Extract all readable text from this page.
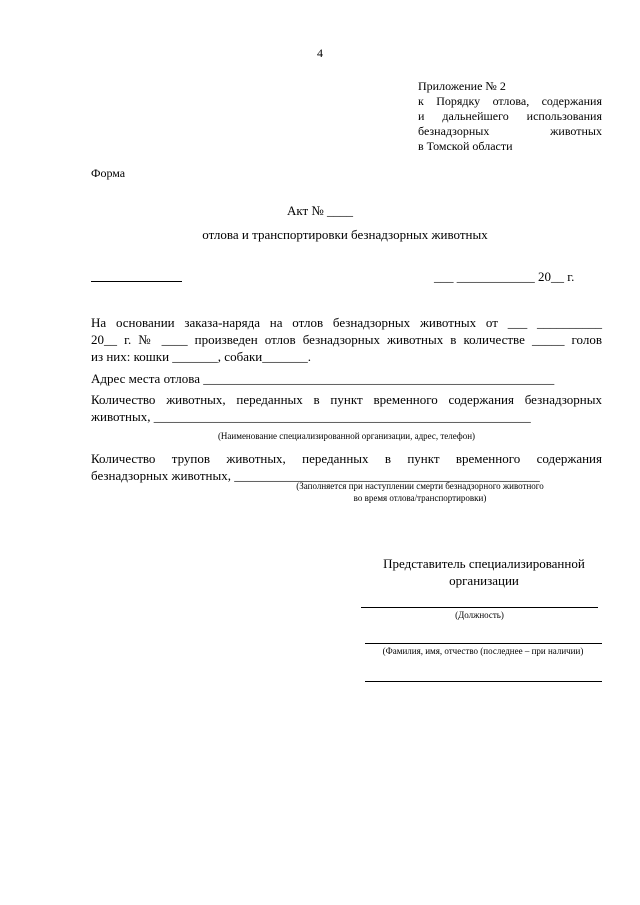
4
Приложение № 2
к Порядку отлова, содержания
и дальнейшего использования
безнадзорных животных
в Томской области
Форма
Акт № ____
отлова и транспортировки безнадзорных животных
___ ____________ 20__ г.
На основании заказа-наряда на отлов безнадзорных животных от ___ __________
20__ г. № ____ произведен отлов безнадзорных животных в количестве _____ голов
из них: кошки _______, собаки_______.
Адрес места отлова ______________________________________________________
Количество животных, переданных в пункт временного содержания безнадзорных
животных, __________________________________________________________
(Наименование специализированной организации, адрес, телефон)
Количество трупов животных, переданных в пункт временного содержания
безнадзорных животных, _______________________________________________
(Заполняется при наступлении смерти безнадзорного животного
во время отлова/транспортировки)
Представитель специализированной
организации
(Должность)
(Фамилия, имя, отчество (последнее – при наличии)
